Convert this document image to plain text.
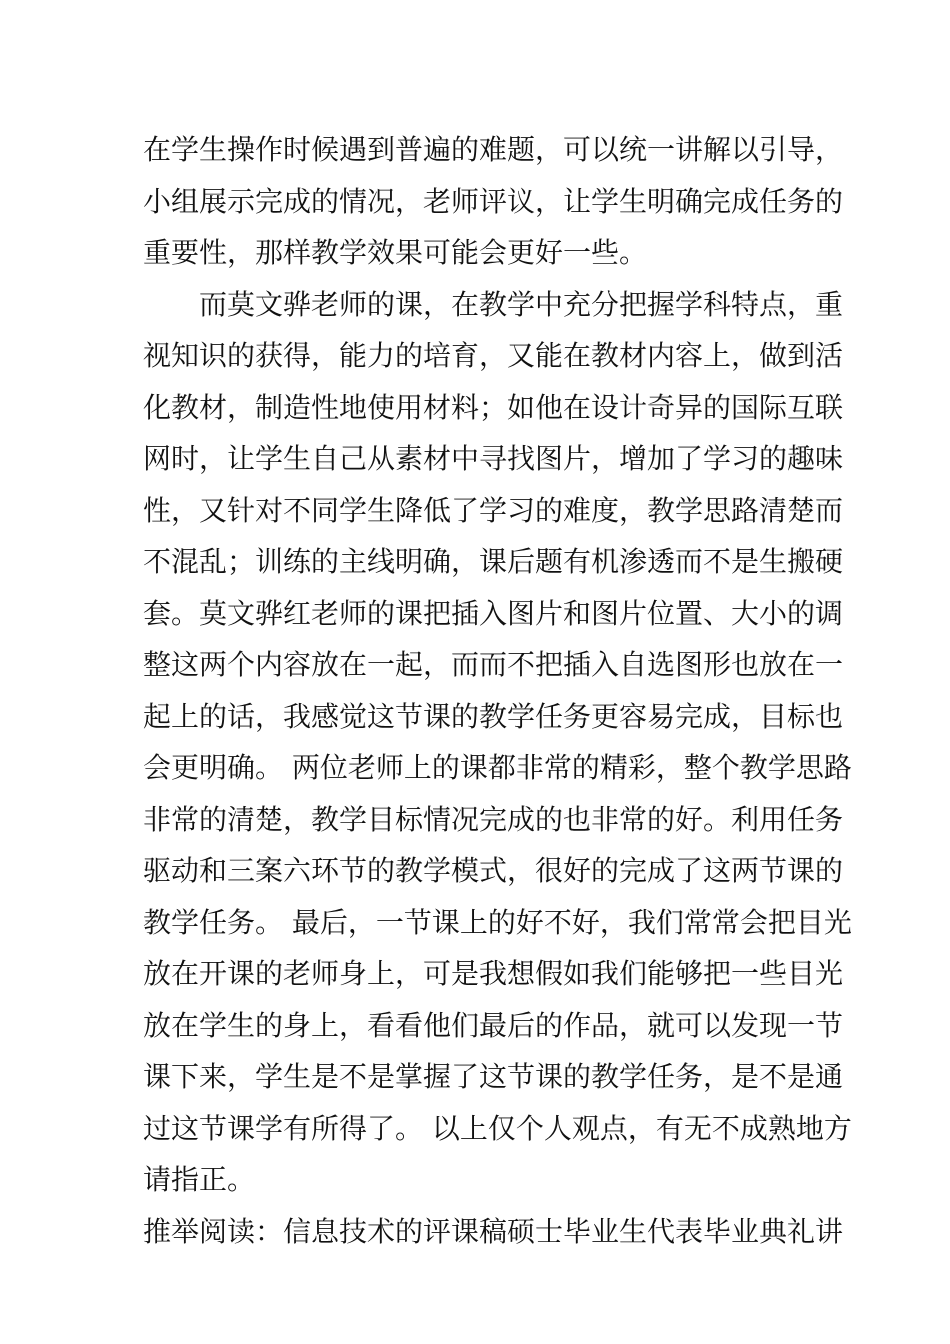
在学生操作时候遇到普遍的难题，可以统一讲解以引导，
小组展示完成的情况，老师评议，让学生明确完成任务的
重要性，那样教学效果可能会更好一些。
而莫文骅老师的课，在教学中充分把握学科特点，重
视知识的获得，能力的培育，又能在教材内容上，做到活
化教材，制造性地使用材料；如他在设计奇异的国际互联
网时，让学生自己从素材中寻找图片，增加了学习的趣味
性，又针对不同学生降低了学习的难度，教学思路清楚而
不混乱；训练的主线明确，课后题有机渗透而不是生搬硬
套。莫文骅红老师的课把插入图片和图片位置、大小的调
整这两个内容放在一起，而而不把插入自选图形也放在一
起上的话，我感觉这节课的教学任务更容易完成，目标也
会更明确。 两位老师上的课都非常的精彩，整个教学思路
非常的清楚，教学目标情况完成的也非常的好。利用任务
驱动和三案六环节的教学模式，很好的完成了这两节课的
教学任务。 最后，一节课上的好不好，我们常常会把目光
放在开课的老师身上，可是我想假如我们能够把一些目光
放在学生的身上，看看他们最后的作品，就可以发现一节
课下来，学生是不是掌握了这节课的教学任务，是不是通
过这节课学有所得了。 以上仅个人观点，有无不成熟地方
请指正。
推举阅读：信息技术的评课稿硕士毕业生代表毕业典礼讲
